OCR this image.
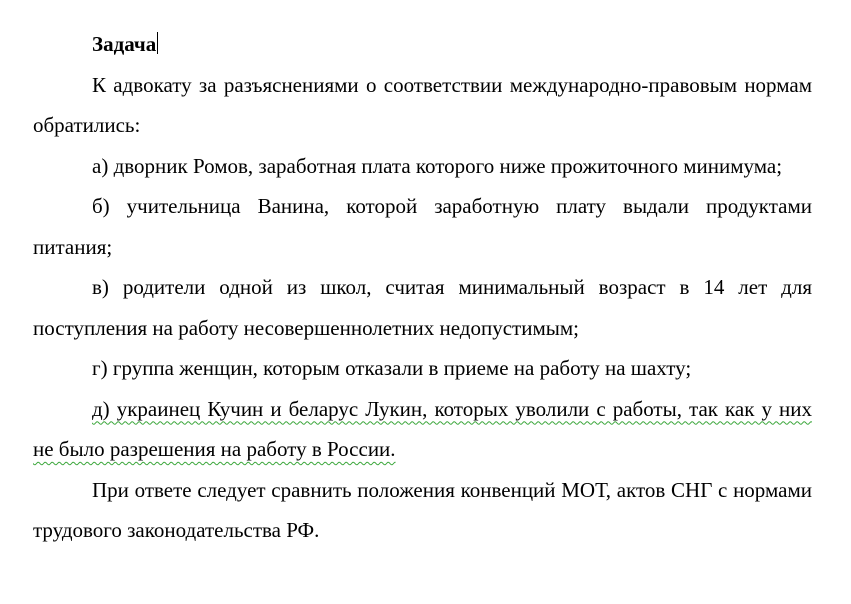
Задача

К адвокату за разъяснениями о соответствии международно-правовым нормам обратились:

а) дворник Ромов, заработная плата которого ниже прожиточного минимума;

б) учительница Ванина, которой заработную плату выдали продуктами питания;

в) родители одной из школ, считая минимальный возраст в 14 лет для поступления на работу несовершеннолетних недопустимым;

г) группа женщин, которым отказали в приеме на работу на шахту;

д) украинец Кучин и беларус Лукин, которых уволили с работы, так как у них не было разрешения на работу в России.

При ответе следует сравнить положения конвенций МОТ, актов СНГ с нормами трудового законодательства РФ.
